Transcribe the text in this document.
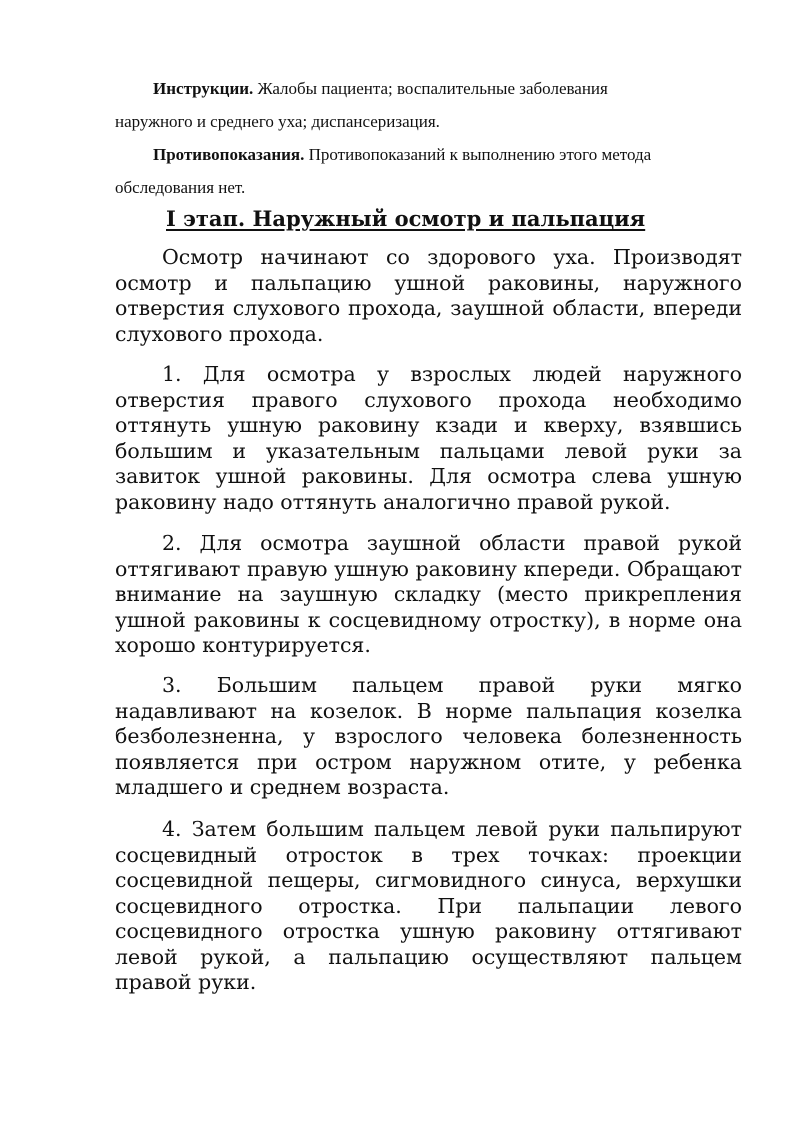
Инструкции. Жалобы пациента; воспалительные заболевания
наружного и среднего уха; диспансеризация.
Противопоказания. Противопоказаний к выполнению этого метода
обследования нет.
I этап. Наружный осмотр и пальпация

Осмотр начинают со здорового уха. Производят осмотр и пальпацию ушной раковины, наружного отверстия слухового прохода, заушной области, впереди слухового прохода.

1. Для осмотра у взрослых людей наружного отверстия правого слухового прохода необходимо оттянуть ушную раковину кзади и кверху, взявшись большим и указательным пальцами левой руки за завиток ушной раковины. Для осмотра слева ушную раковину надо оттянуть аналогично правой рукой.

2. Для осмотра заушной области правой рукой оттягивают правую ушную раковину кпереди. Обращают внимание на заушную складку (место прикрепления ушной раковины к сосцевидному отростку), в норме она хорошо контурируется.

3. Большим пальцем правой руки мягко надавливают на козелок. В норме пальпация козелка безболезненна, у взрослого человека болезненность появляется при остром наружном отите, у ребенка младшего и среднем возраста.

4. Затем большим пальцем левой руки пальпируют сосцевидный отросток в трех точках: проекции сосцевидной пещеры, сигмовидного синуса, верхушки сосцевидного отростка. При пальпации левого сосцевидного отростка ушную раковину оттягивают левой рукой, а пальпацию осуществляют пальцем правой руки.
